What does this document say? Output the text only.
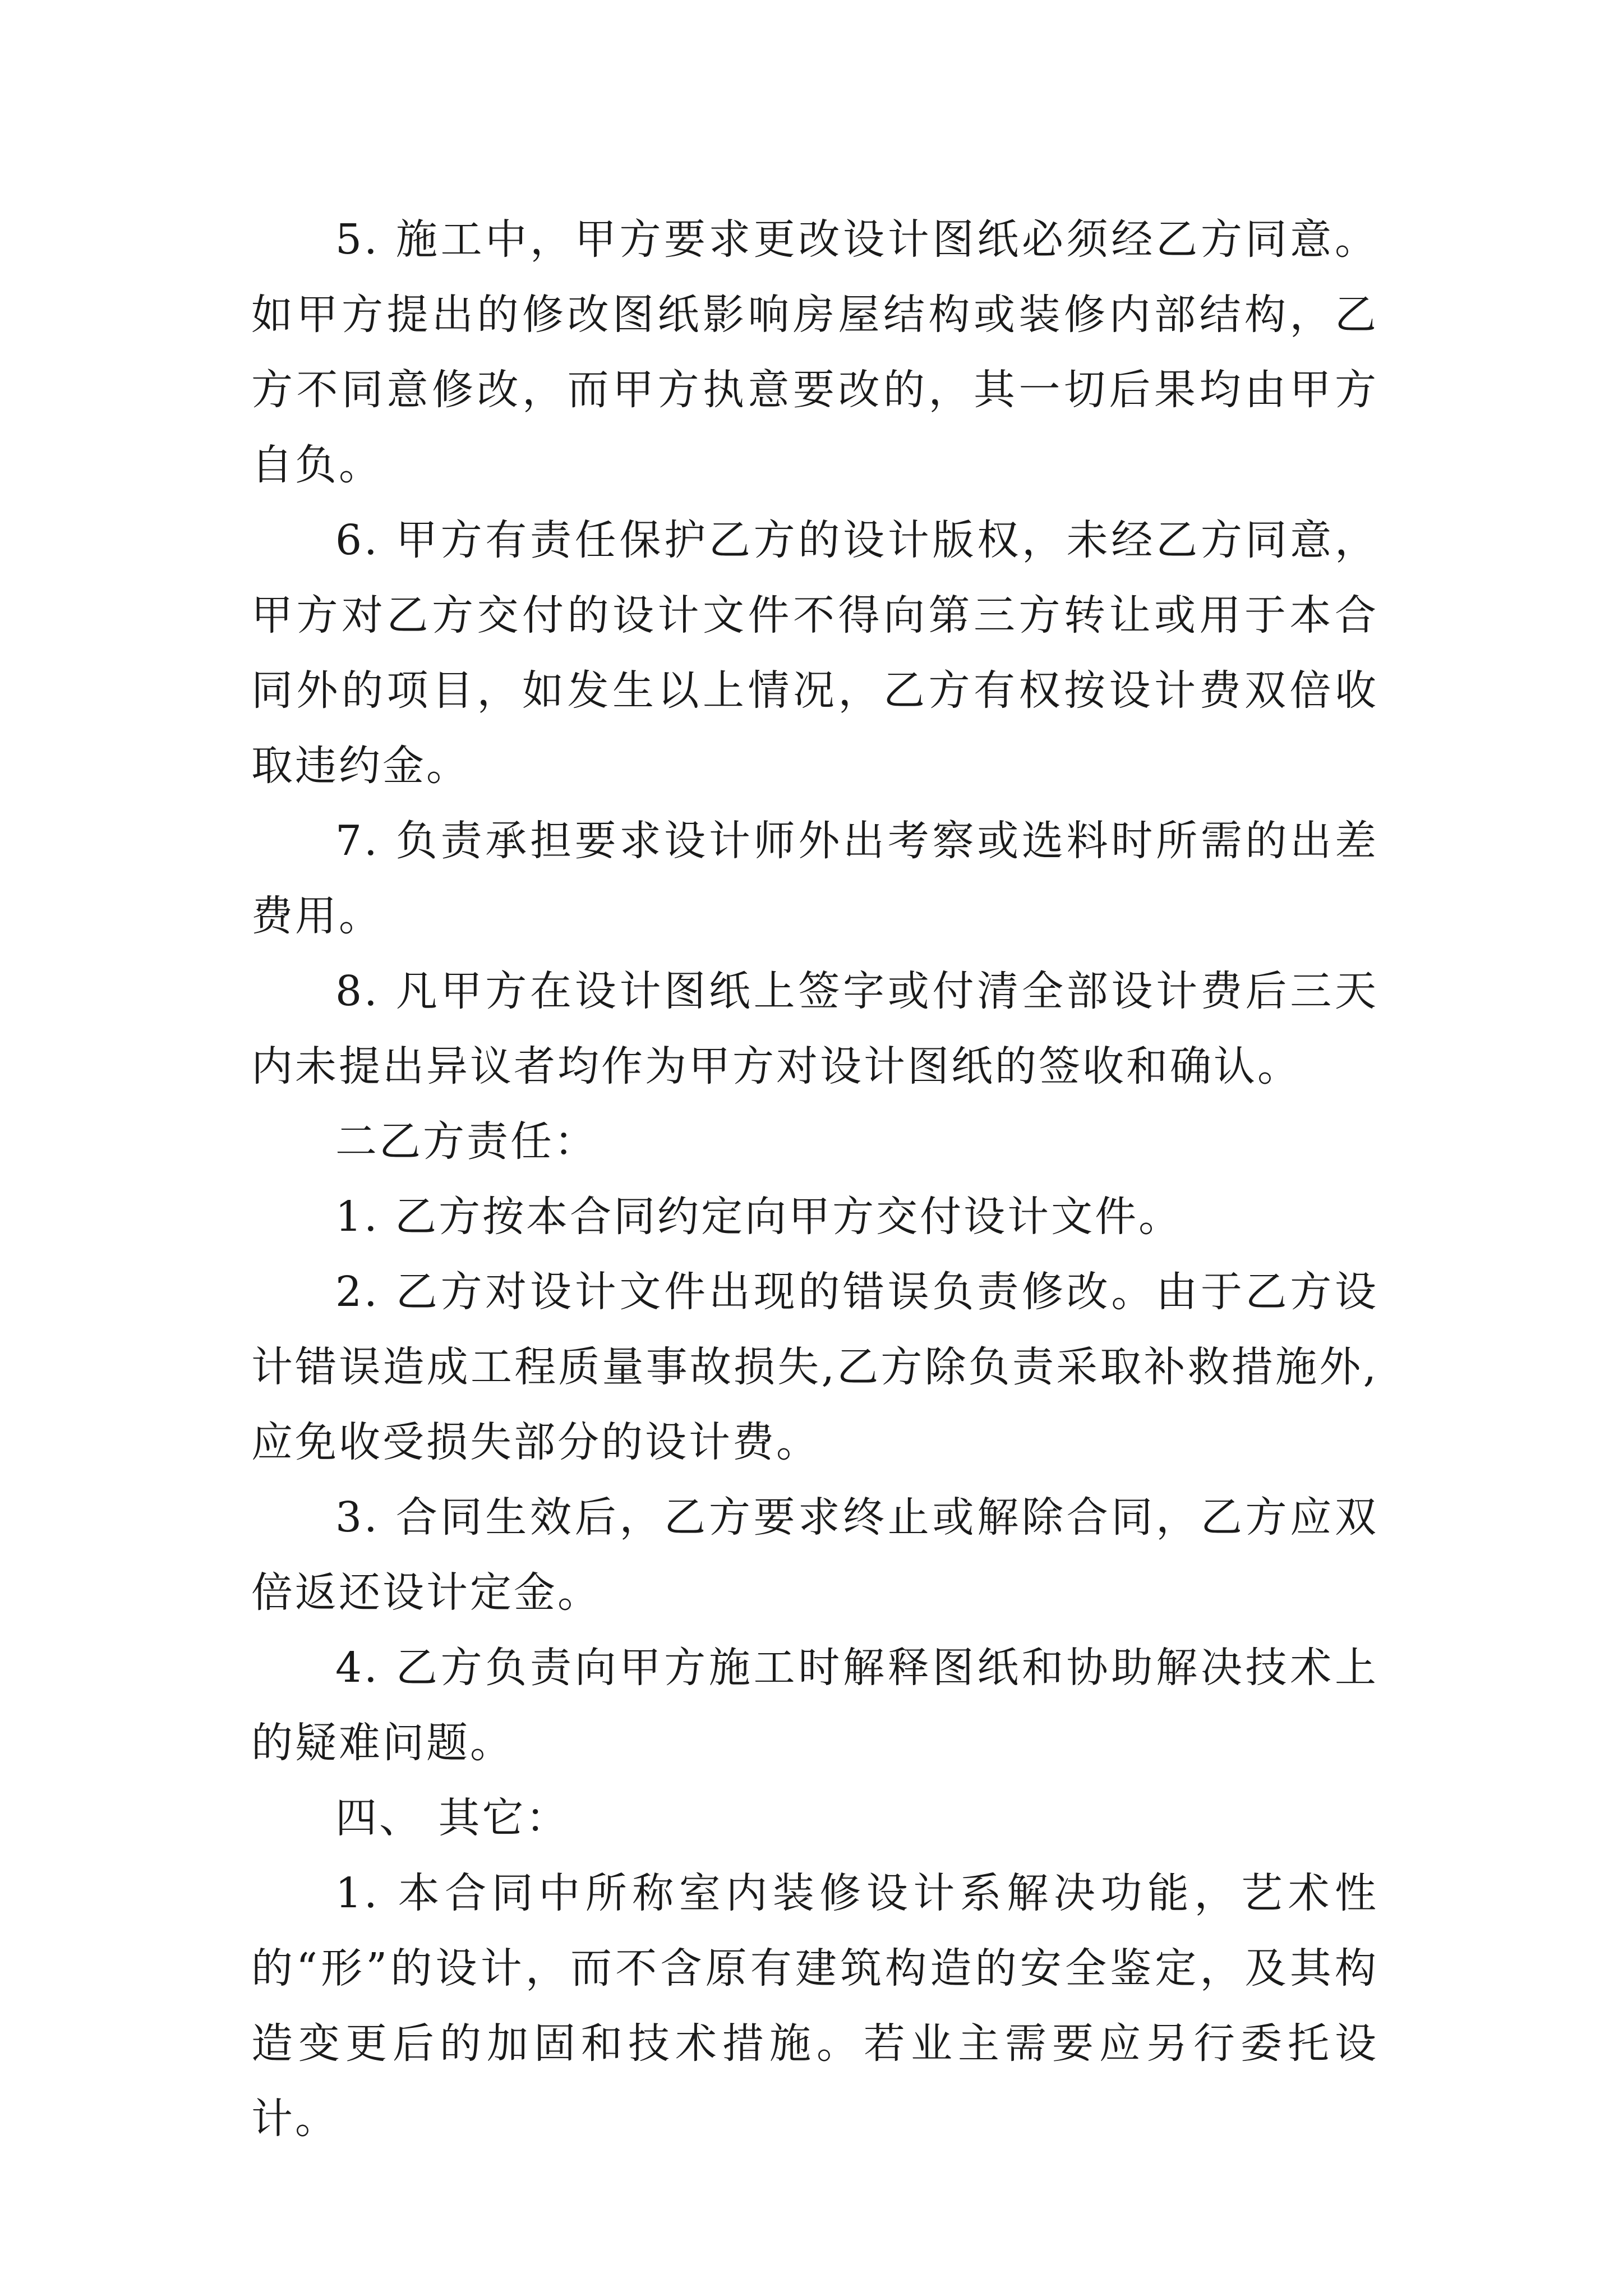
5. 施工中，甲方要求更改设计图纸必须经乙方同意。如甲方提出的修改图纸影响房屋结构或装修内部结构，乙方不同意修改，而甲方执意要改的，其一切后果均由甲方自负。

6. 甲方有责任保护乙方的设计版权，未经乙方同意，甲方对乙方交付的设计文件不得向第三方转让或用于本合同外的项目，如发生以上情况，乙方有权按设计费双倍收取违约金。

7. 负责承担要求设计师外出考察或选料时所需的出差费用。

8. 凡甲方在设计图纸上签字或付清全部设计费后三天内未提出异议者均作为甲方对设计图纸的签收和确认。

二乙方责任：

1. 乙方按本合同约定向甲方交付设计文件。

2. 乙方对设计文件出现的错误负责修改。由于乙方设计错误造成工程质量事故损失,乙方除负责采取补救措施外,应免收受损失部分的设计费。

3. 合同生效后，乙方要求终止或解除合同，乙方应双倍返还设计定金。

4. 乙方负责向甲方施工时解释图纸和协助解决技术上的疑难问题。

四、 其它：

1. 本合同中所称室内装修设计系解决功能，艺术性的“形”的设计，而不含原有建筑构造的安全鉴定，及其构造变更后的加固和技术措施。若业主需要应另行委托设计。
